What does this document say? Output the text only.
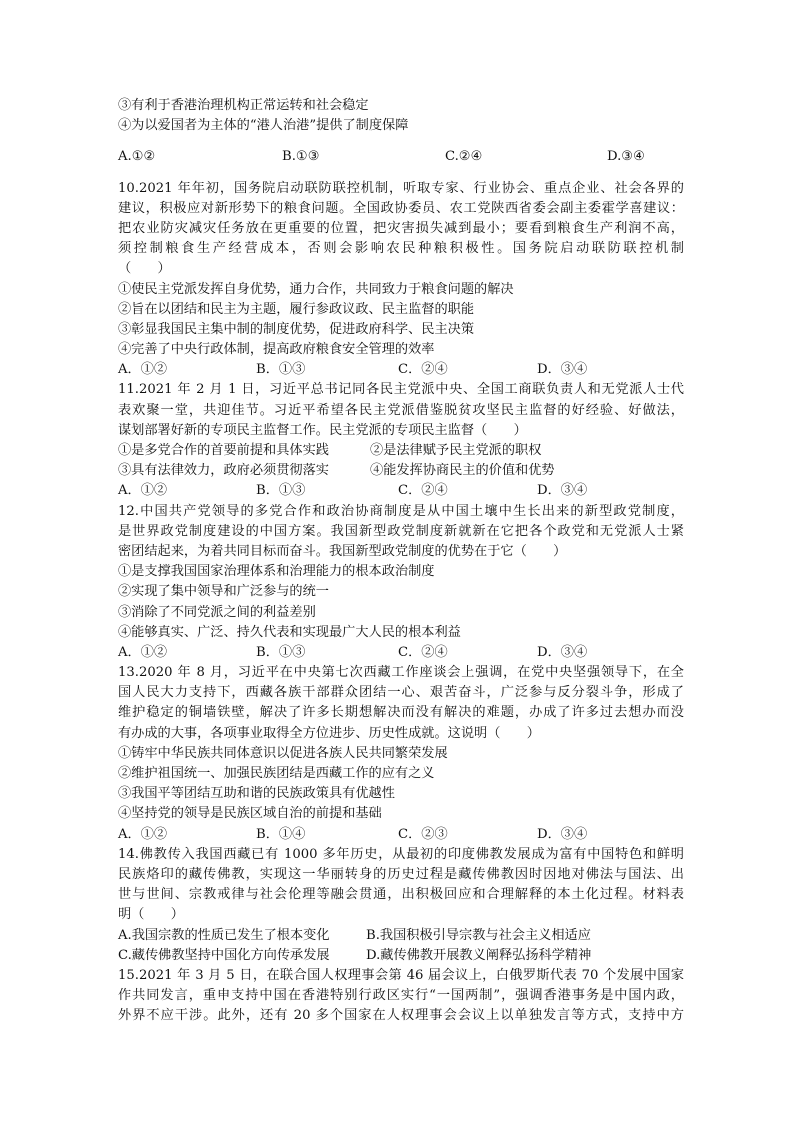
③有利于香港治理机构正常运转和社会稳定
④为以爱国者为主体的“港人治港”提供了制度保障
A.①②	B.①③	C.②④	D.③④
10.2021 年年初，国务院启动联防联控机制，听取专家、行业协会、重点企业、社会各界的
建议，积极应对新形势下的粮食问题。全国政协委员、农工党陕西省委会副主委霍学喜建议：
把农业防灾减灾任务放在更重要的位置，把灾害损失减到最小；要看到粮食生产利润不高，
须控制粮食生产经营成本，否则会影响农民种粮积极性。国务院启动联防联控机制
（　　）
①使民主党派发挥自身优势，通力合作，共同致力于粮食问题的解决
②旨在以团结和民主为主题，履行参政议政、民主监督的职能
③彰显我国民主集中制的制度优势，促进政府科学、民主决策
④完善了中央行政体制，提高政府粮食安全管理的效率
A．①②	B．①③	C．②④	D．③④
11.2021 年 2 月 1 日，习近平总书记同各民主党派中央、全国工商联负责人和无党派人士代
表欢聚一堂，共迎佳节。习近平希望各民主党派借鉴脱贫攻坚民主监督的好经验、好做法，
谋划部署好新的专项民主监督工作。民主党派的专项民主监督（　　）
①是多党合作的首要前提和具体实践	②是法律赋予民主党派的职权
③具有法律效力，政府必须贯彻落实	④能发挥协商民主的价值和优势
A．①②	B．①③	C．②④	D．③④
12.中国共产党领导的多党合作和政治协商制度是从中国土壤中生长出来的新型政党制度，
是世界政党制度建设的中国方案。我国新型政党制度新就新在它把各个政党和无党派人士紧
密团结起来，为着共同目标而奋斗。我国新型政党制度的优势在于它（　　）
①是支撑我国国家治理体系和治理能力的根本政治制度
②实现了集中领导和广泛参与的统一
③消除了不同党派之间的利益差别
④能够真实、广泛、持久代表和实现最广大人民的根本利益
A．①②	B．①③	C．②④	D．③④
13.2020 年 8 月，习近平在中央第七次西藏工作座谈会上强调，在党中央坚强领导下，在全
国人民大力支持下，西藏各族干部群众团结一心、艰苦奋斗，广泛参与反分裂斗争，形成了
维护稳定的铜墙铁壁，解决了许多长期想解决而没有解决的难题，办成了许多过去想办而没
有办成的大事，各项事业取得全方位进步、历史性成就。这说明（　　）
①铸牢中华民族共同体意识以促进各族人民共同繁荣发展
②维护祖国统一、加强民族团结是西藏工作的应有之义
③我国平等团结互助和谐的民族政策具有优越性
④坚持党的领导是民族区域自治的前提和基础
A．①②	B．①④	C．②③	D．③④
14.佛教传入我国西藏已有 1000 多年历史，从最初的印度佛教发展成为富有中国特色和鲜明
民族烙印的藏传佛教，实现这一华丽转身的历史过程是藏传佛教因时因地对佛法与国法、出
世与世间、宗教戒律与社会伦理等融会贯通，出积极回应和合理解释的本土化过程。材料表
明（　　）
A.我国宗教的性质已发生了根本变化	B.我国积极引导宗教与社会主义相适应
C.藏传佛教坚持中国化方向传承发展	D.藏传佛教开展教义阐释弘扬科学精神
15.2021 年 3 月 5 日，在联合国人权理事会第 46 届会议上，白俄罗斯代表 70 个发展中国家
作共同发言，重申支持中国在香港特别行政区实行“一国两制”，强调香港事务是中国内政，
外界不应干涉。此外，还有 20 多个国家在人权理事会会议上以单独发言等方式，支持中方
